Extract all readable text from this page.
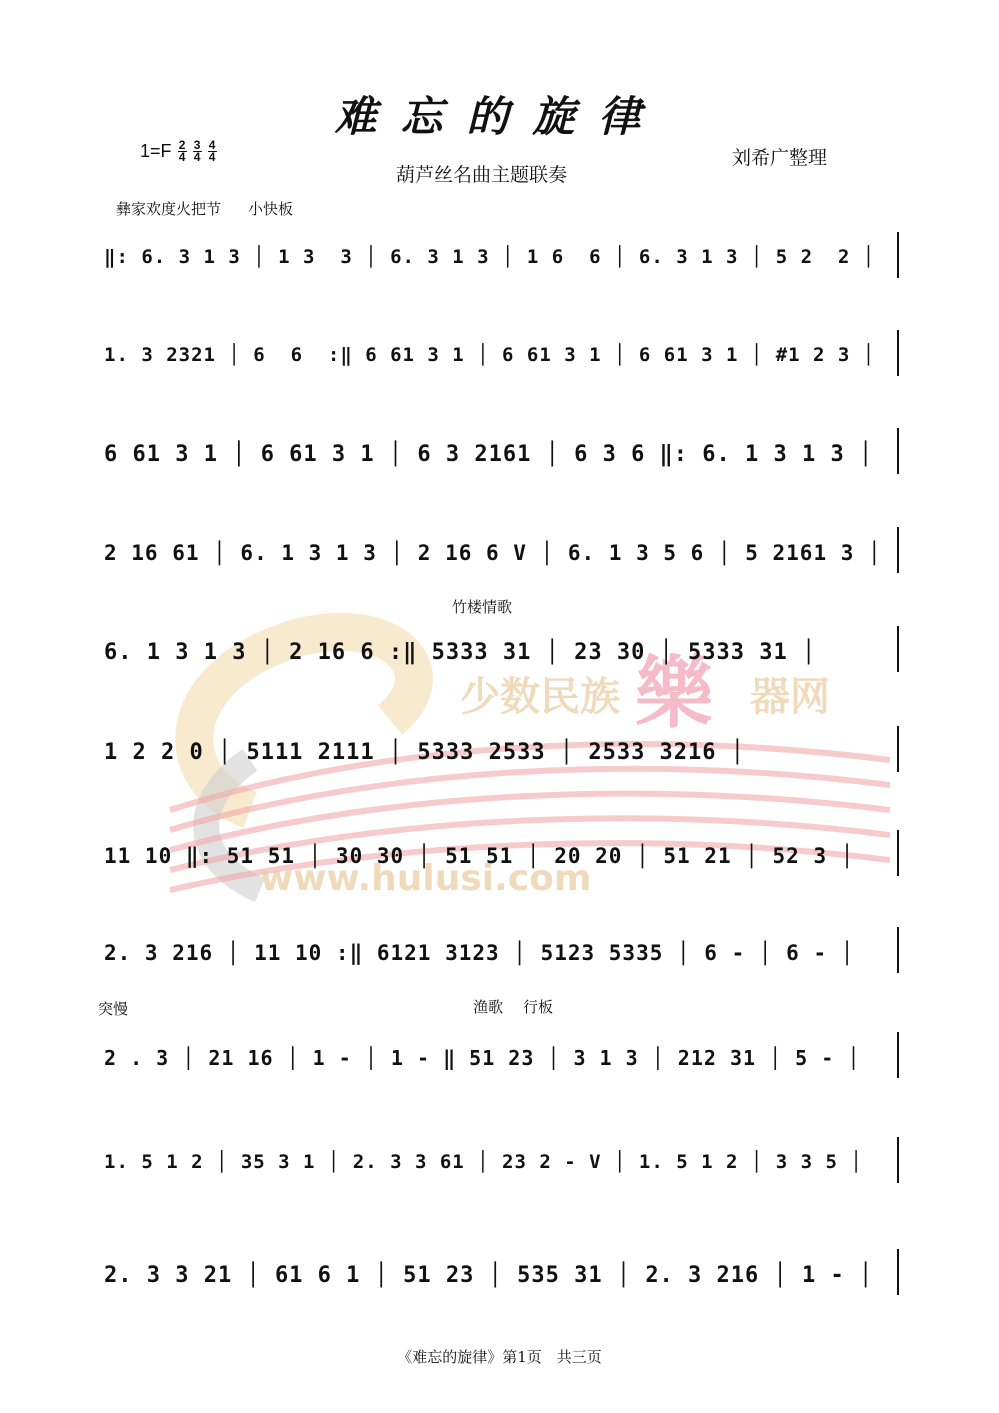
少数民族 樂 器网
www.hulusi.com
难忘的旋律
$1=F \frac{2}{4} \frac{3}{4} \frac{4}{4}$
葫芦丝名曲主题联奏
刘希广整理
彝家欢度火把节 小快板
竹楼情歌
突慢	渔歌 行板
‖: 6. 3 1 3 │ 1 3  3 │ 6. 3 1 3 │ 1 6  6 │ 6. 3 1 3 │ 5 2  2 │
1. 3 2321 │ 6  6  :‖ 6 61 3 1 │ 6 61 3 1 │ 6 61 3 1 │ #1 2 3 │
6 61 3 1 │ 6 61 3 1 │ 6 3 2161 │ 6 3 6 ‖: 6. 1 3 1 3 │
2 16 61 │ 6. 1 3 1 3 │ 2 16 6 V │ 6. 1 3 5 6 │ 5 2161 3 │
6. 1 3 1 3 │ 2 16 6 :‖ 5333 31 │ 23 30 │ 5333 31 │
1 2 2 0 │ 5111 2111 │ 5333 2533 │ 2533 3216 │
11 10 ‖: 51 51 │ 30 30 │ 51 51 │ 20 20 │ 51 21 │ 52 3 │
2. 3 216 │ 11 10 :‖ 6121 3123 │ 5123 5335 │ 6 - │ 6 - │
2 . 3 │ 21 16 │ 1 - │ 1 - ‖ 51 23 │ 3 1 3 │ 212 31 │ 5 - │
1. 5 1 2 │ 35 3 1 │ 2. 3 3 61 │ 23 2 - V │ 1. 5 1 2 │ 3 3 5 │
2. 3 3 21 │ 61 6 1 │ 51 23 │ 535 31 │ 2. 3 216 │ 1 - │
《难忘的旋律》第1页　共三页
